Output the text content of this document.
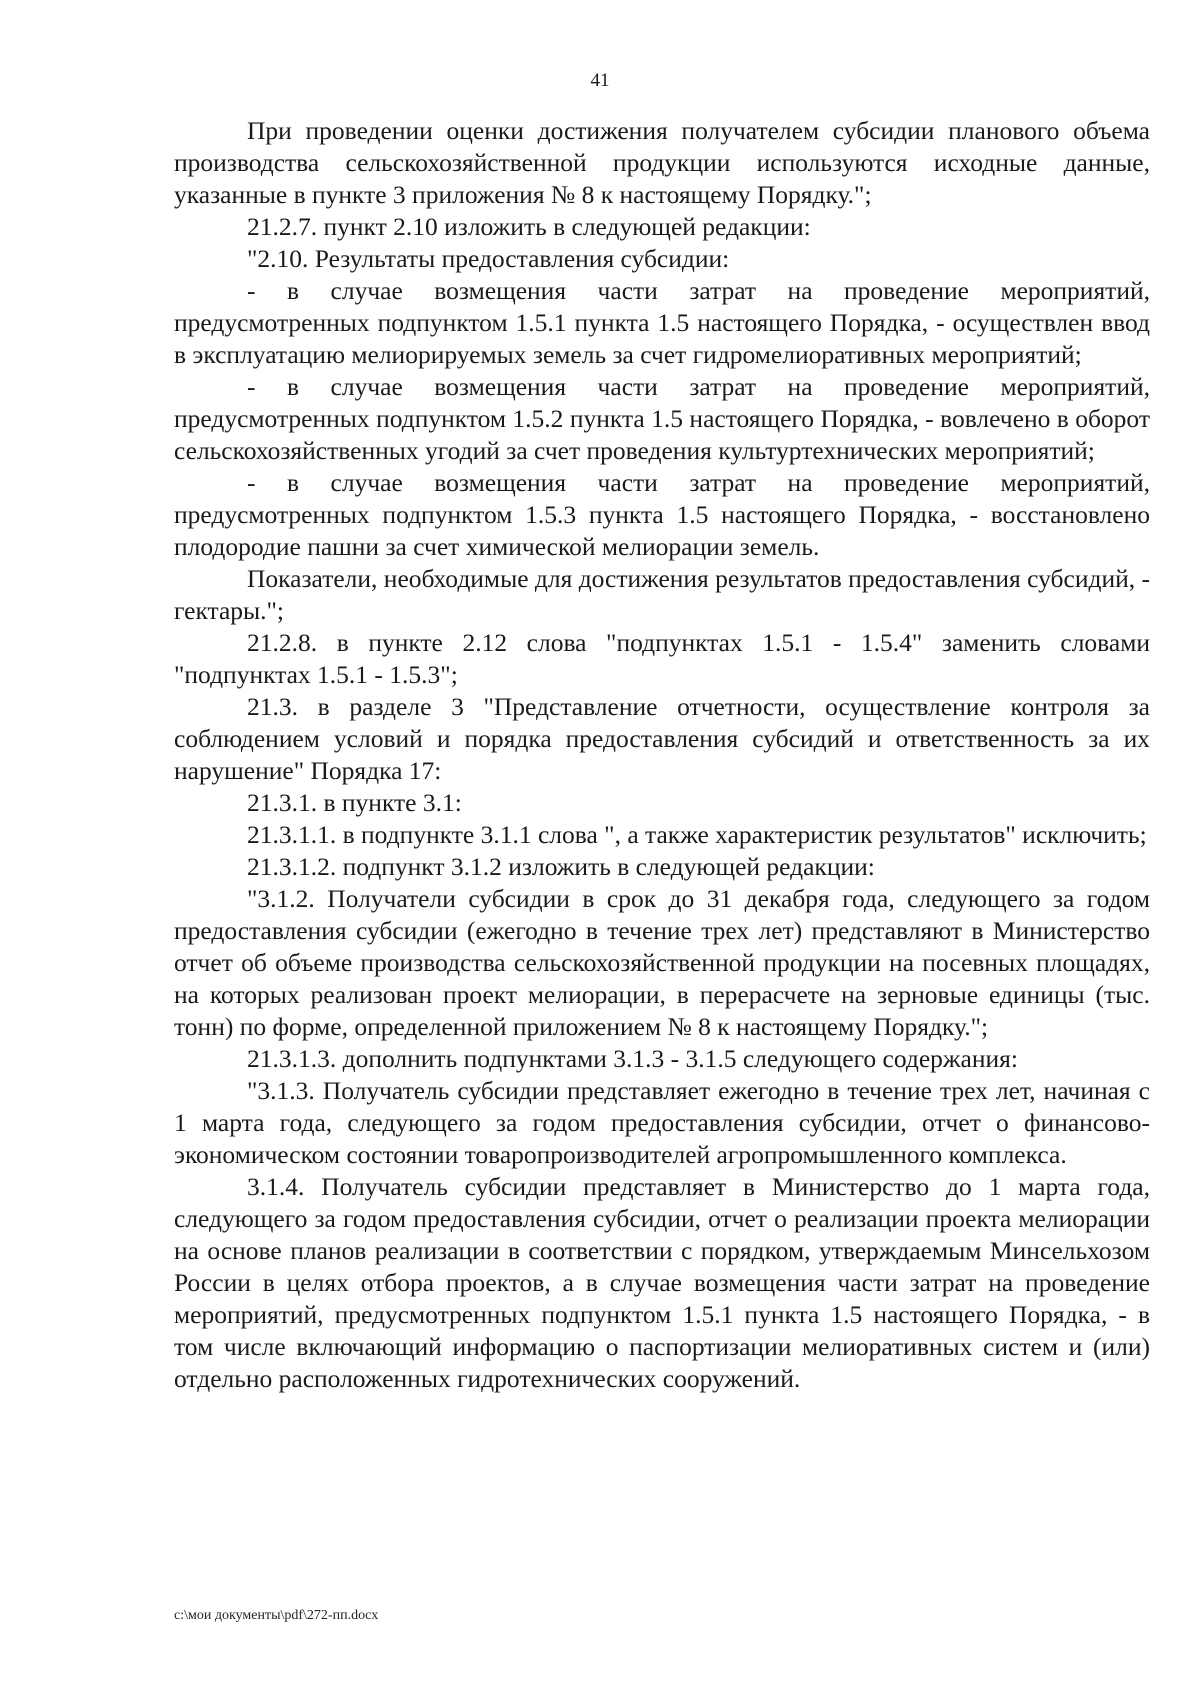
41

При проведении оценки достижения получателем субсидии планового объема производства сельскохозяйственной продукции используются исходные данные, указанные в пункте 3 приложения № 8 к настоящему Порядку.";

21.2.7. пункт 2.10 изложить в следующей редакции:

"2.10. Результаты предоставления субсидии:

- в случае возмещения части затрат на проведение мероприятий, предусмотренных подпунктом 1.5.1 пункта 1.5 настоящего Порядка, - осуществлен ввод в эксплуатацию мелиорируемых земель за счет гидромелиоративных мероприятий;

- в случае возмещения части затрат на проведение мероприятий, предусмотренных подпунктом 1.5.2 пункта 1.5 настоящего Порядка, - вовлечено в оборот сельскохозяйственных угодий за счет проведения культуртехнических мероприятий;

- в случае возмещения части затрат на проведение мероприятий, предусмотренных подпунктом 1.5.3 пункта 1.5 настоящего Порядка, - восстановлено плодородие пашни за счет химической мелиорации земель.

Показатели, необходимые для достижения результатов предоставления субсидий, - гектары.";

21.2.8. в пункте 2.12 слова "подпунктах 1.5.1 - 1.5.4" заменить словами "подпунктах 1.5.1 - 1.5.3";

21.3. в разделе 3 "Представление отчетности, осуществление контроля за соблюдением условий и порядка предоставления субсидий и ответственность за их нарушение" Порядка 17:

21.3.1. в пункте 3.1:

21.3.1.1. в подпункте 3.1.1 слова ", а также характеристик результатов" исключить;

21.3.1.2. подпункт 3.1.2 изложить в следующей редакции:

"3.1.2. Получатели субсидии в срок до 31 декабря года, следующего за годом предоставления субсидии (ежегодно в течение трех лет) представляют в Министерство отчет об объеме производства сельскохозяйственной продукции на посевных площадях, на которых реализован проект мелиорации, в перерасчете на зерновые единицы (тыс. тонн) по форме, определенной приложением № 8 к настоящему Порядку.";

21.3.1.3. дополнить подпунктами 3.1.3 - 3.1.5 следующего содержания:

"3.1.3. Получатель субсидии представляет ежегодно в течение трех лет, начиная с 1 марта года, следующего за годом предоставления субсидии, отчет о финансово-экономическом состоянии товаропроизводителей агропромышленного комплекса.

3.1.4. Получатель субсидии представляет в Министерство до 1 марта года, следующего за годом предоставления субсидии, отчет о реализации проекта мелиорации на основе планов реализации в соответствии с порядком, утверждаемым Минсельхозом России в целях отбора проектов, а в случае возмещения части затрат на проведение мероприятий, предусмотренных подпунктом 1.5.1 пункта 1.5 настоящего Порядка, - в том числе включающий информацию о паспортизации мелиоративных систем и (или) отдельно расположенных гидротехнических сооружений.

c:\мои документы\pdf\272-пп.docx
